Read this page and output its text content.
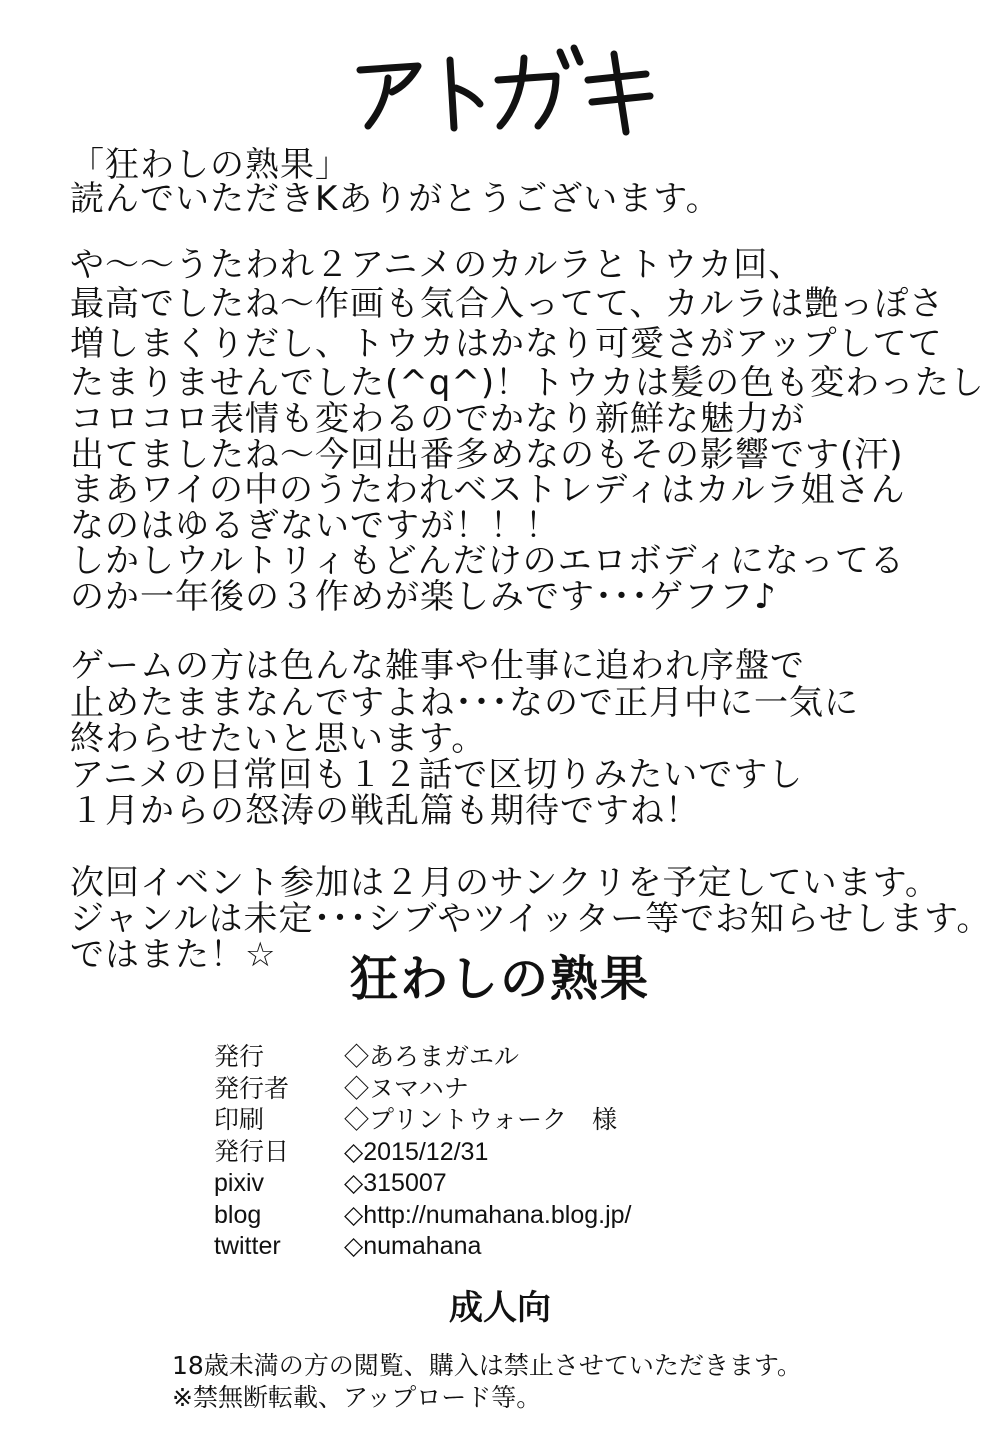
「狂わしの熟果」
読んでいただきKありがとうございます。
や～～うたわれ２アニメのカルラとトウカ回、
最高でしたね～作画も気合入ってて、カルラは艶っぽさ
増しまくりだし、トウカはかなり可愛さがアップしてて
たまりませんでした(^q^)！トウカは髪の色も変わったし
コロコロ表情も変わるのでかなり新鮮な魅力が
出てましたね～今回出番多めなのもその影響です(汗)
まあワイの中のうたわれベストレディはカルラ姐さん
なのはゆるぎないですが！！！
しかしウルトリィもどんだけのエロボディになってる
のか一年後の３作めが楽しみです･･･ゲフフ♪
ゲームの方は色んな雑事や仕事に追われ序盤で
止めたままなんですよね･･･なので正月中に一気に
終わらせたいと思います。
アニメの日常回も１２話で区切りみたいですし
１月からの怒涛の戦乱篇も期待ですね！
次回イベント参加は２月のサンクリを予定しています。
ジャンルは未定･･･シブやツイッター等でお知らせします。
ではまた！☆	狂わしの熟果
発行	◇あろまガエル
発行者 ◇ヌマハナ
印刷	◇プリントウォーク　様
発行日 ◇2015/12/31
pixiv	◇315007
blog	◇http://numahana.blog.jp/
twitter	◇numahana
成人向
18歳未満の方の閲覧、購入は禁止させていただきます。
※禁無断転載、アップロード等。
